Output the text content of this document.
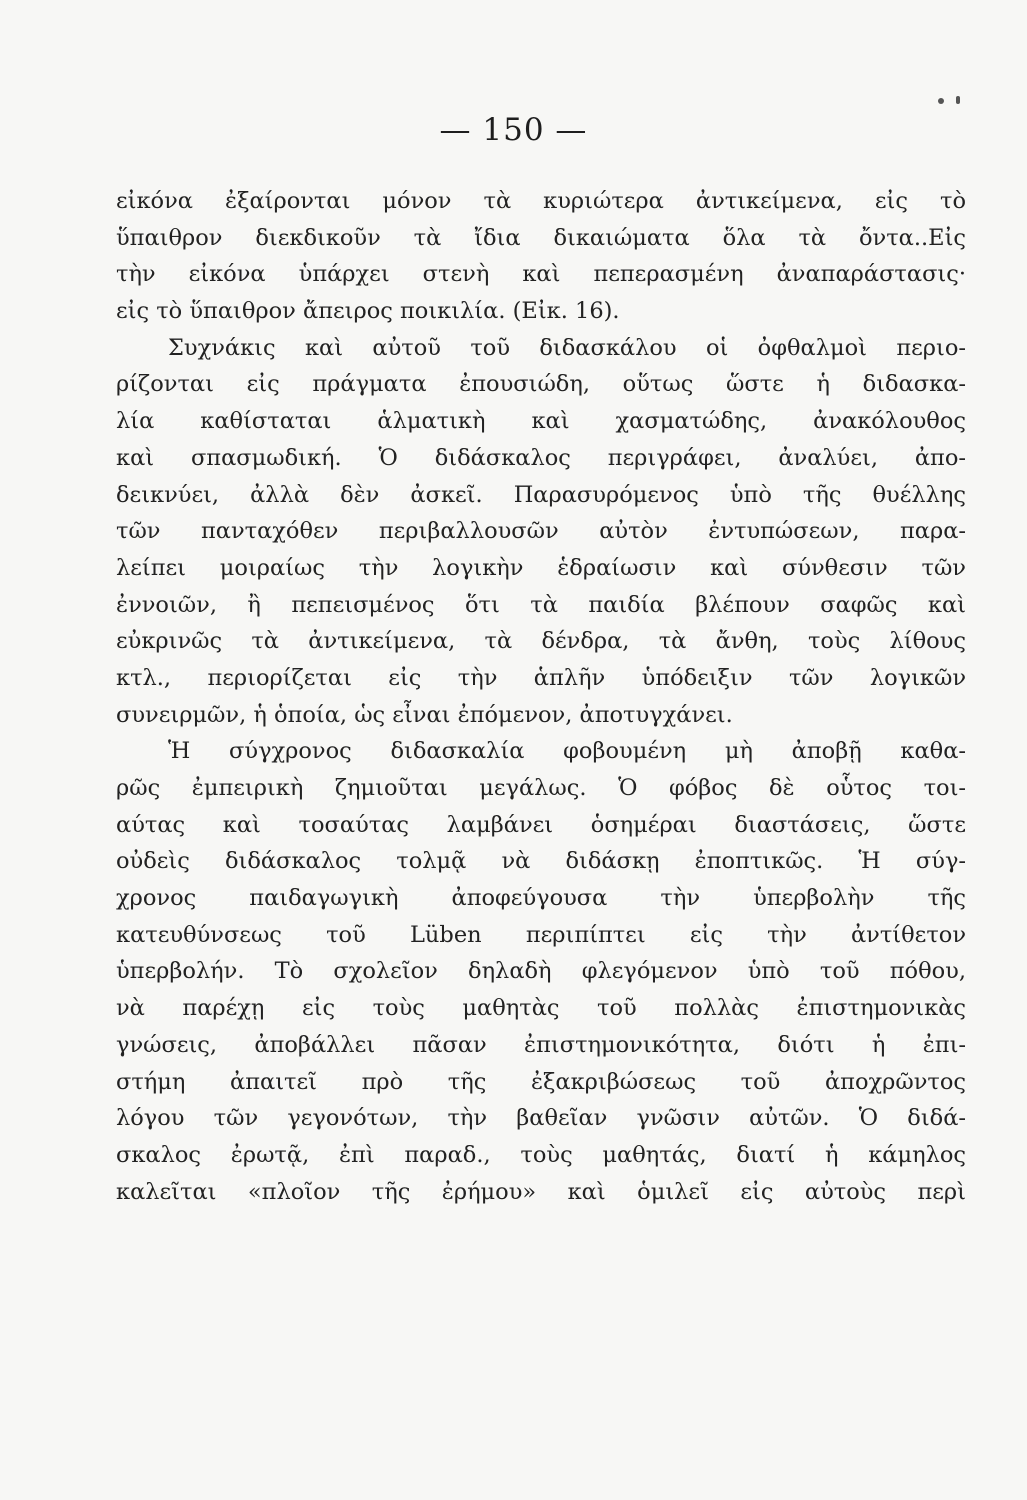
— 150 —
εἰκόνα ἐξαίρονται μόνον τὰ κυριώτερα ἀντικείμενα, εἰς τὸ
ὕπαιθρον διεκδικοῦν τὰ ἴδια δικαιώματα ὅλα τὰ ὄντα..Εἰς
τὴν εἰκόνα ὑπάρχει στενὴ καὶ πεπερασμένη ἀναπαράστασις·
εἰς τὸ ὕπαιθρον ἄπειρος ποικιλία. (Εἰκ. 16).
Συχνάκις καὶ αὐτοῦ τοῦ διδασκάλου οἱ ὀφθαλμοὶ περιο-
ρίζονται εἰς πράγματα ἐπουσιώδη, οὕτως ὥστε ἡ διδασκα-
λία καθίσταται ἁλματικὴ καὶ χασματώδης, ἀνακόλουθος
καὶ σπασμωδική. Ὁ διδάσκαλος περιγράφει, ἀναλύει, ἀπο-
δεικνύει, ἀλλὰ δὲν ἀσκεῖ. Παρασυρόμενος ὑπὸ τῆς θυέλλης
τῶν πανταχόθεν περιβαλλουσῶν αὐτὸν ἐντυπώσεων, παρα-
λείπει μοιραίως τὴν λογικὴν ἑδραίωσιν καὶ σύνθεσιν τῶν
ἐννοιῶν, ἢ πεπεισμένος ὅτι τὰ παιδία βλέπουν σαφῶς καὶ
εὐκρινῶς τὰ ἀντικείμενα, τὰ δένδρα, τὰ ἄνθη, τοὺς λίθους
κτλ., περιορίζεται εἰς τὴν ἁπλῆν ὑπόδειξιν τῶν λογικῶν
συνειρμῶν, ἡ ὁποία, ὡς εἶναι ἐπόμενον, ἀποτυγχάνει.
Ἡ σύγχρονος διδασκαλία φοβουμένη μὴ ἀποβῇ καθα-
ρῶς ἐμπειρικὴ ζημιοῦται μεγάλως. Ὁ φόβος δὲ οὗτος τοι-
αύτας καὶ τοσαύτας λαμβάνει ὁσημέραι διαστάσεις, ὥστε
οὐδεὶς διδάσκαλος τολμᾷ νὰ διδάσκῃ ἐποπτικῶς. Ἡ σύγ-
χρονος παιδαγωγικὴ ἀποφεύγουσα τὴν ὑπερβολὴν τῆς
κατευθύνσεως τοῦ Lüben περιπίπτει εἰς τὴν ἀντίθετον
ὑπερβολήν. Τὸ σχολεῖον δηλαδὴ φλεγόμενον ὑπὸ τοῦ πόθου,
νὰ παρέχῃ εἰς τοὺς μαθητὰς τοῦ πολλὰς ἐπιστημονικὰς
γνώσεις, ἀποβάλλει πᾶσαν ἐπιστημονικότητα, διότι ἡ ἐπι-
στήμη ἀπαιτεῖ πρὸ τῆς ἐξακριβώσεως τοῦ ἀποχρῶντος
λόγου τῶν γεγονότων, τὴν βαθεῖαν γνῶσιν αὐτῶν. Ὁ διδά-
σκαλος ἐρωτᾷ, ἐπὶ παραδ., τοὺς μαθητάς, διατί ἡ κάμηλος
καλεῖται «πλοῖον τῆς ἐρήμου» καὶ ὁμιλεῖ εἰς αὐτοὺς περὶ
